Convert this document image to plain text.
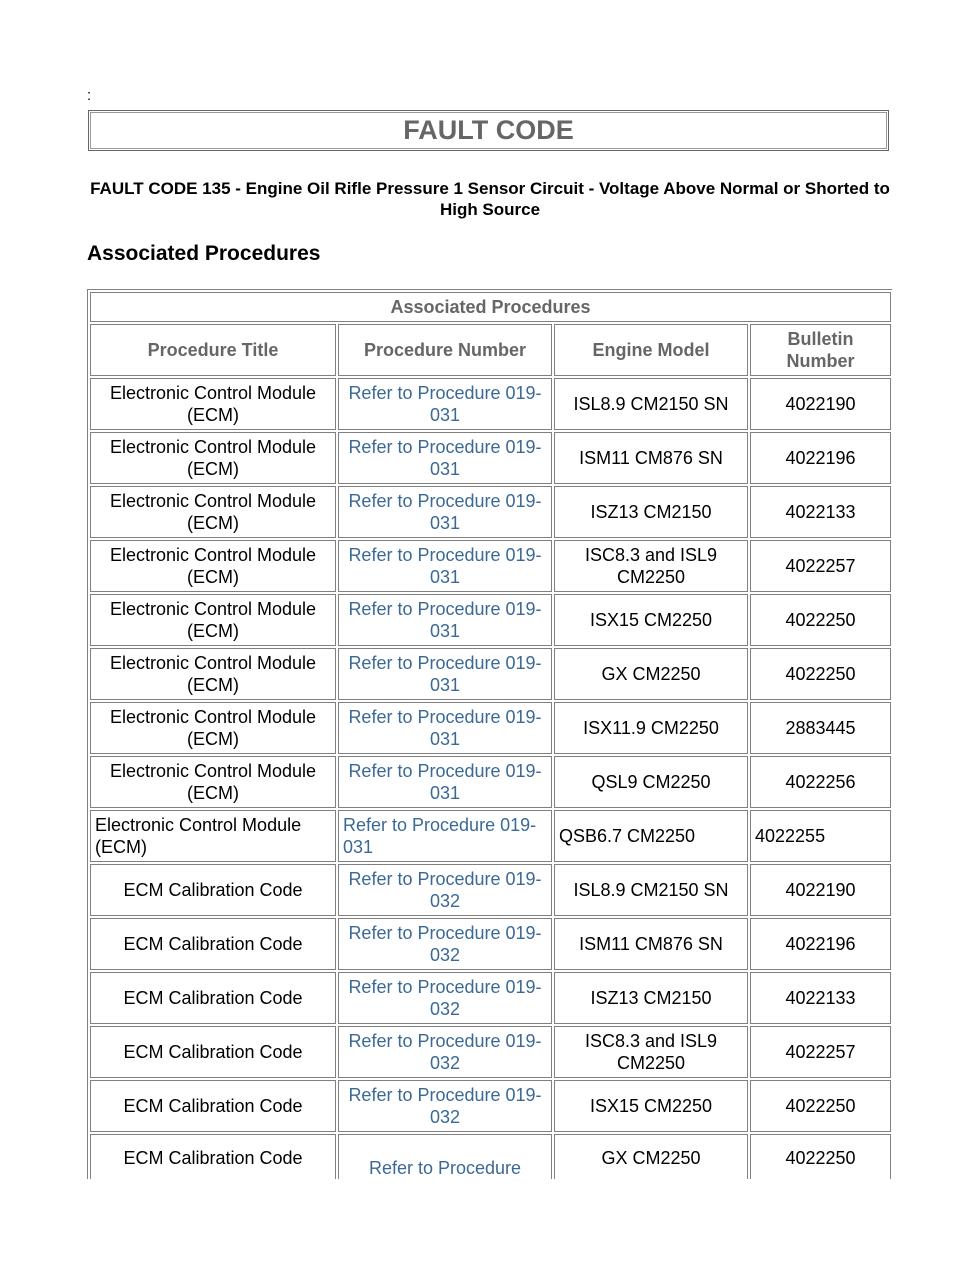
:
FAULT CODE
FAULT CODE 135 - Engine Oil Rifle Pressure 1 Sensor Circuit - Voltage Above Normal or Shorted to High Source
Associated Procedures
Associated Procedures			
Procedure Title	Procedure Number	Engine Model	Bulletin Number
Electronic Control Module (ECM)	Refer to Procedure 019-031	ISL8.9 CM2150 SN	4022190
Electronic Control Module (ECM)	Refer to Procedure 019-031	ISM11 CM876 SN	4022196
Electronic Control Module (ECM)	Refer to Procedure 019-031	ISZ13 CM2150	4022133
Electronic Control Module (ECM)	Refer to Procedure 019-031	ISC8.3 and ISL9 CM2250	4022257
Electronic Control Module (ECM)	Refer to Procedure 019-031	ISX15 CM2250	4022250
Electronic Control Module (ECM)	Refer to Procedure 019-031	GX CM2250	4022250
Electronic Control Module (ECM)	Refer to Procedure 019-031	ISX11.9 CM2250	2883445
Electronic Control Module (ECM)	Refer to Procedure 019-031	QSL9 CM2250	4022256
Electronic Control Module (ECM)	Refer to Procedure 019-031	QSB6.7 CM2250	4022255
ECM Calibration Code	Refer to Procedure 019-032	ISL8.9 CM2150 SN	4022190
ECM Calibration Code	Refer to Procedure 019-032	ISM11 CM876 SN	4022196
ECM Calibration Code	Refer to Procedure 019-032	ISZ13 CM2150	4022133
ECM Calibration Code	Refer to Procedure 019-032	ISC8.3 and ISL9 CM2250	4022257
ECM Calibration Code	Refer to Procedure 019-032	ISX15 CM2250	4022250
ECM Calibration Code	Refer to Procedure	GX CM2250	4022250
